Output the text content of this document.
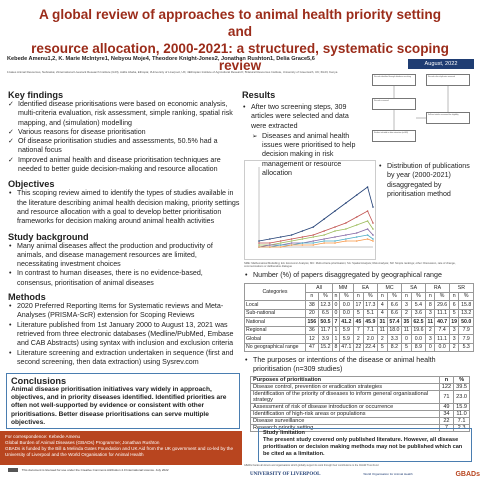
A global review of approaches to animal health priority setting and
resource allocation, 2000-2021: a structured, systematic scoping review
Kebede Amenu1,2, K. Marie McIntyre1, Nebyou Moje4, Theodore Knight-Jones2, Jonathan Rushton1, Delia Grace5,6
1Gates Animal Resources, Nebraska; 2International Livestock Research Institute (ILRI), Addis Ababa, Ethiopia; 3University of Liverpool, UK; 4Ethiopian Institute of Agricultural Research; 5Natural Resources Institute, University of Greenwich, UK; 6ILRI, Kenya
August, 2022
Key findings
✓ Identified disease prioritisations were based on economic analysis, multi-criteria evaluation, risk assessment, simple ranking, spatial risk mapping, and (simulation) modelling
✓ Various reasons for disease prioritisation
✓ Of disease prioritisation studies and assessments, 50.5% had a national focus
✓ Improved animal health and disease prioritisation techniques are needed to better guide decision-making and resource allocation
Objectives
• This scoping review aimed to identify the types of studies available in the literature describing animal health decision making, priority settings and resource allocation with a goal to develop better prioritisation frameworks for decision making around animal health activities
Study background
• Many animal diseases affect the production and productivity of animals, and disease management resources are limited, necessitating investment choices
• In contrast to human diseases, there is no evidence-based, consensus, prioritisation of animal diseases
Methods
• 2020 Preferred Reporting Items for Systematic reviews and Meta-Analyses (PRISMA-ScR) extension for Scoping Reviews
• Literature published from 1st January 2000 to August 13, 2021 was retrieved from three electronic databases (Medline/PubMed, Embase and CAB Abstracts) using syntax with inclusion and exclusion criteria
• Literature screening and extraction undertaken in sequence (first and second screening, then data extraction) using Sysrev.com
Conclusions
Animal disease prioritisation initiatives vary widely in approach, objectives, and in priority diseases identified. Identified priorities are often not well-supported by evidence or consistent with other prioritisations. Better disease prioritisations can serve multiple objectives.
For correspondence: Kebede Amenu
Global Burden of Animal Diseases (GBADs) Programme; Jonathan Rushton
GBADs is funded by the Bill & Melinda Gates Foundation and UK Aid from the UK government and co-led by the University of Liverpool and the World Organisation for Animal Health
This document is licensed for use under the Creative Commons Attribution 4.0 International Licence. July 2022
Results
• After two screening steps, 309 articles were selected and data were extracted
➢ Diseases and animal health issues were prioritised to help decision making in risk management or resource allocation
Records identified through database searching	Records after duplicates removed
Records screened
Full-text articles assessed for eligibility
Studies included in data extraction (n=309)
• Distribution of publications by year (2000-2021) disaggregated by prioritisation method
SME: Mathematical Modelling; EA: Economic Analysis; MC: Multi-criteria prioritisation; SA: Spatial Analysis; Risk Analysis; SR: Simple rankings; other: Discussion, rate of change, communications or deliberative dialogue
• Number (%) of papers disaggregated by geographical range
Categories	All		MM		EA		MC		SA		RA		SR	
	n	%	n	%	n	%	n	%	n	%	n	%	n	%
Local	38	12.3	0	0.0	17	17.3	4	6.6	3	5.4	8	29.6	6	15.8
Sub-national	20	6.5	0	0.0	5	5.1	4	6.6	2	3.6	3	11.1	5	13.2
National	156	50.5	7	41.2	45	45.9	31	57.4	35	62.5	11	40.7	19	50.0
Regional	36	11.7	1	5.9	7	7.1	11	18.0	11	19.6	2	7.4	3	7.9
Global	12	3.9	1	5.9	2	2.0	2	3.3	0	0.0	3	11.1	3	7.9
No geographical range	47	15.2	8	47.1	22	22.4	5	8.2	5	8.9	0	0.0	2	5.3
• The purposes or intentions of the disease or animal health prioritisation (n=309 studies)
Purposes of prioritisation	n	%
Disease control, prevention or eradication strategies	122	39.5
Identification of the priority of diseases to inform general organisational strategy	71	23.0
Assessment of risk of disease introduction or occurrence	49	15.9
Identification of high-risk areas or populations	34	11.0
Disease surveillance	22	7.1
Research priority setting	7	2.3
Study limitation
The present study covered only published literature. However, all disease prioritisation or decision making methods may not be published which can be cited as a limitation.
GBADs thanks all donors and organisations which globally support its work through their contributions to the CGIAR Trust Fund
UNIVERSITY OF LIVERPOOL	World Organisation for Animal Health	GBADs
